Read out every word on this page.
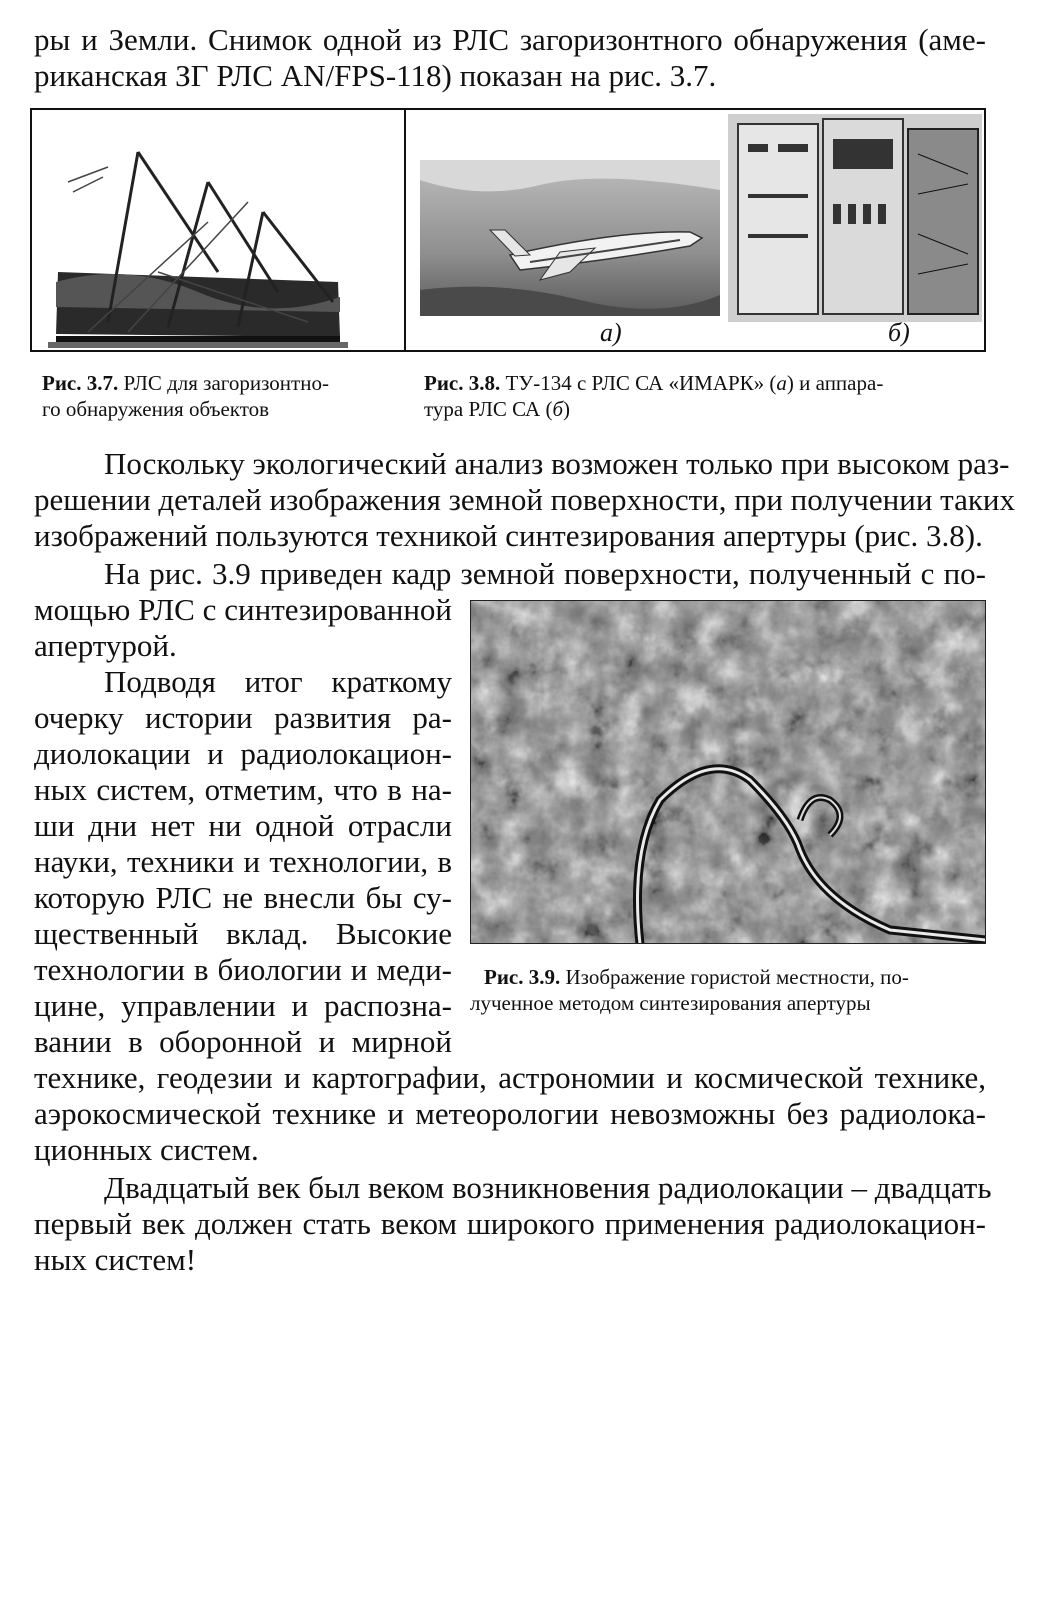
ры и Земли. Снимок одной из РЛС загоризонтного обнаружения (аме-
риканская ЗГ РЛС AN/FPS-118) показан на рис. 3.7.
а)	б)
Рис. 3.7. РЛС для загоризонтно-
го обнаружения объектов
Рис. 3.8. ТУ-134 с РЛС СА «ИМАРК» (а) и аппара-
тура РЛС СА (б)
Поскольку экологический анализ возможен только при высоком раз-
решении деталей изображения земной поверхности, при получении таких
изображений пользуются техникой синтезирования апертуры (рис. 3.8).
На рис. 3.9 приведен кадр земной поверхности, полученный с по-
мощью РЛС с синтезированной
апертурой.
Рис. 3.9. Изображение гористой местности, по-
лученное методом синтезирования апертуры
Подводя итог краткому
очерку истории развития ра-
диолокации и радиолокацион-
ных систем, отметим, что в на-
ши дни нет ни одной отрасли
науки, техники и технологии, в
которую РЛС не внесли бы су-
щественный вклад. Высокие
технологии в биологии и меди-
цине, управлении и распозна-
вании в оборонной и мирной
технике, геодезии и картографии, астрономии и космической технике,
аэрокосмической технике и метеорологии невозможны без радиолока-
ционных систем.
Двадцатый век был веком возникновения радиолокации – двадцать
первый век должен стать веком широкого применения радиолокацион-
ных систем!
